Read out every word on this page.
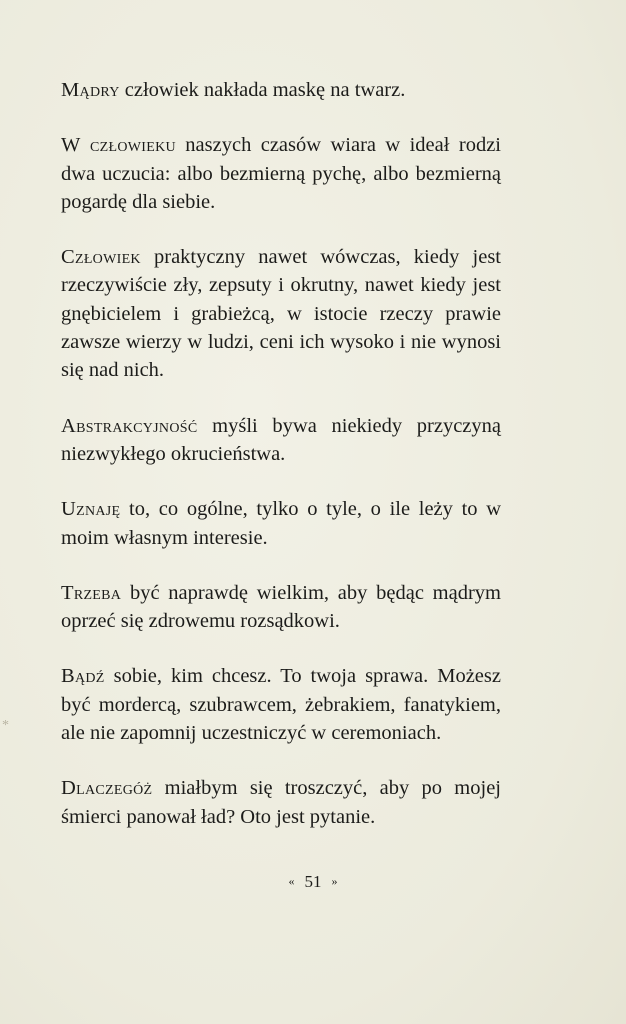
Mądry człowiek nakłada maskę na twarz.

W człowieku naszych czasów wiara w ideał rodzi dwa uczucia: albo bezmierną pychę, albo bezmierną pogardę dla siebie.

Człowiek praktyczny nawet wówczas, kiedy jest rzeczywiście zły, zepsuty i okrutny, nawet kiedy jest gnębicielem i grabieżcą, w istocie rzeczy prawie zawsze wierzy w ludzi, ceni ich wysoko i nie wynosi się nad nich.

Abstrakcyjność myśli bywa niekiedy przyczyną niezwykłego okrucieństwa.

Uznaję to, co ogólne, tylko o tyle, o ile leży to w moim własnym interesie.

Trzeba być naprawdę wielkim, aby będąc mądrym oprzeć się zdrowemu rozsądkowi.

Bądź sobie, kim chcesz. To twoja sprawa. Możesz być mordercą, szubrawcem, żebrakiem, fanatykiem, ale nie zapomnij uczestniczyć w ceremoniach.

Dlaczegóż miałbym się troszczyć, aby po mojej śmierci panował ład? Oto jest pytanie.

« 51 »
*
